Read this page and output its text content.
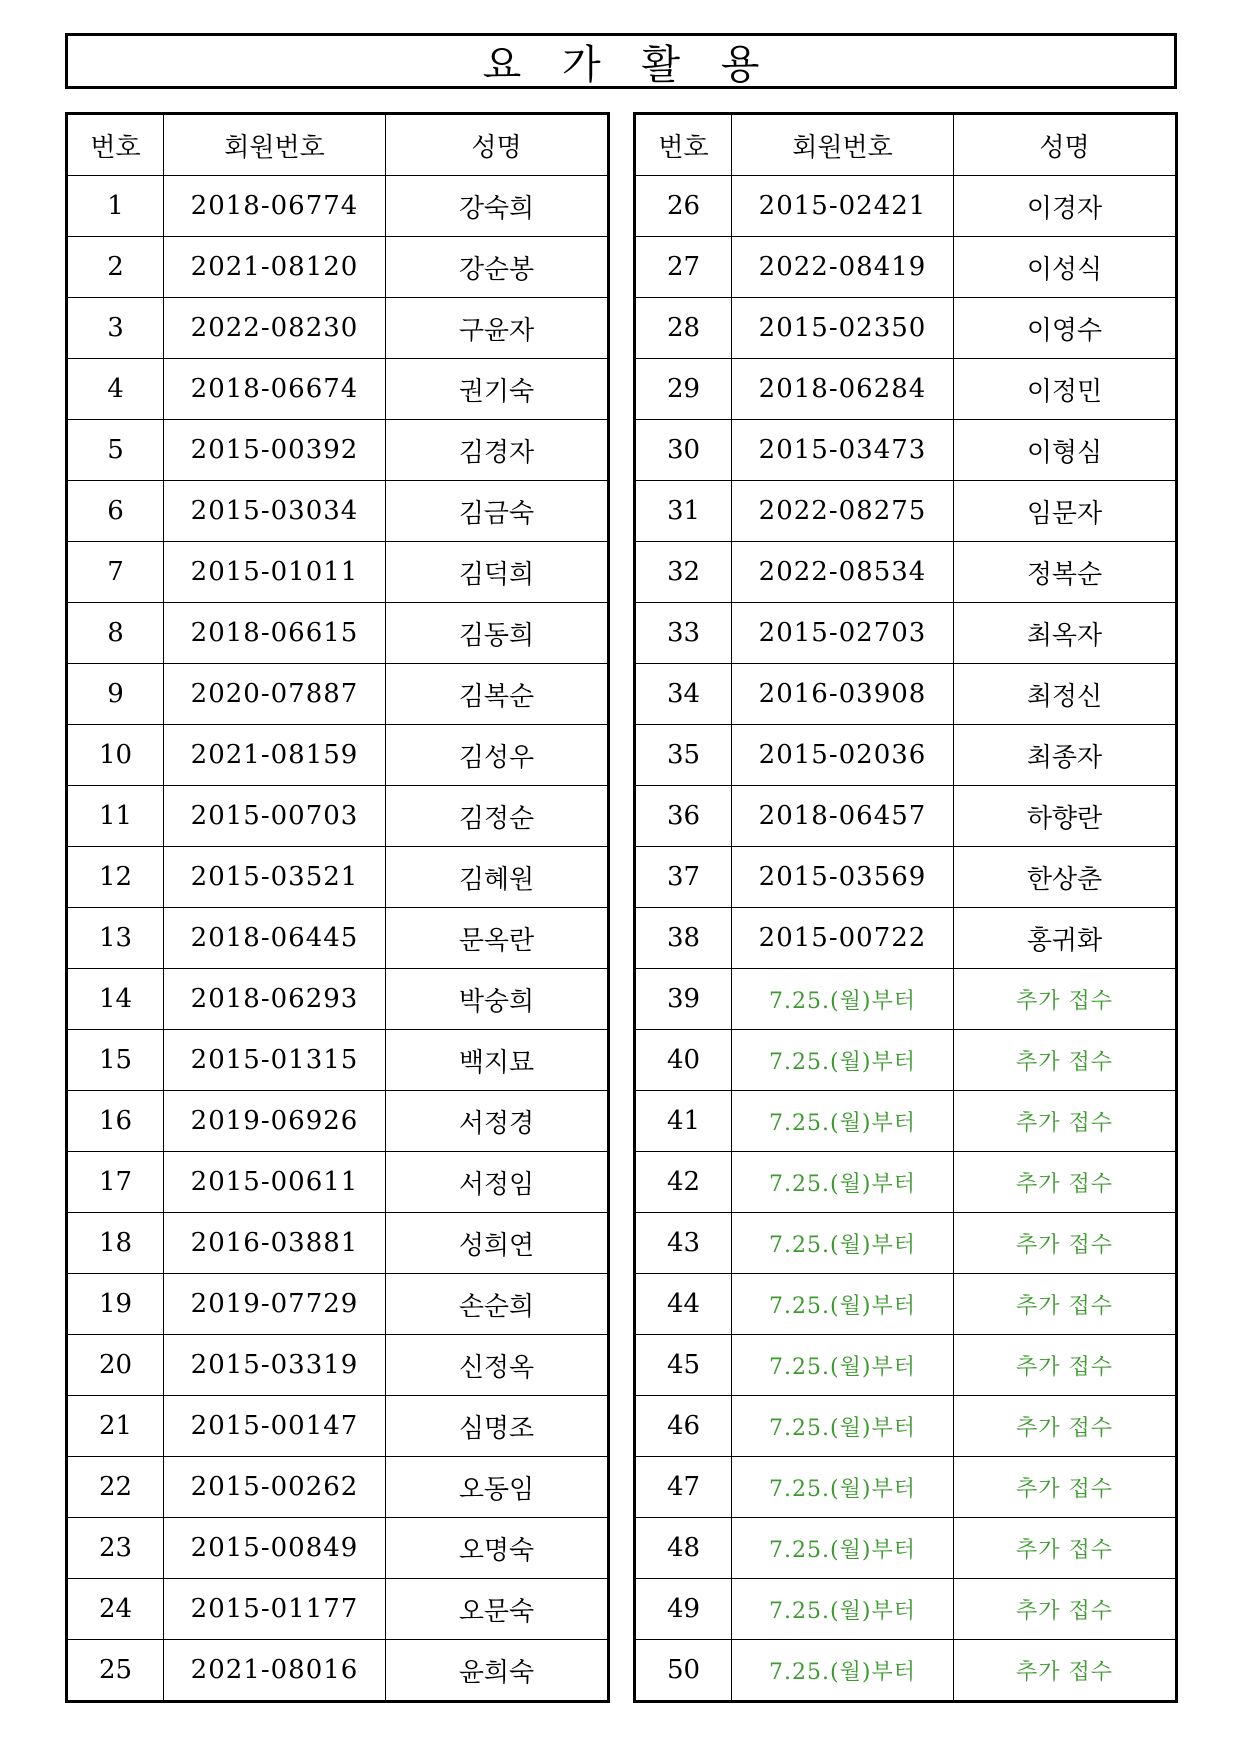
요 가 활 용
번호	회원번호	성명
1	2018-06774	강숙희
2	2021-08120	강순봉
3	2022-08230	구윤자
4	2018-06674	권기숙
5	2015-00392	김경자
6	2015-03034	김금숙
7	2015-01011	김덕희
8	2018-06615	김동희
9	2020-07887	김복순
10	2021-08159	김성우
11	2015-00703	김정순
12	2015-03521	김혜원
13	2018-06445	문옥란
14	2018-06293	박숭희
15	2015-01315	백지묘
16	2019-06926	서정경
17	2015-00611	서정임
18	2016-03881	성희연
19	2019-07729	손순희
20	2015-03319	신정옥
21	2015-00147	심명조
22	2015-00262	오동임
23	2015-00849	오명숙
24	2015-01177	오문숙
25	2021-08016	윤희숙
번호	회원번호	성명
26	2015-02421	이경자
27	2022-08419	이성식
28	2015-02350	이영수
29	2018-06284	이정민
30	2015-03473	이형심
31	2022-08275	임문자
32	2022-08534	정복순
33	2015-02703	최옥자
34	2016-03908	최정신
35	2015-02036	최종자
36	2018-06457	하향란
37	2015-03569	한상춘
38	2015-00722	홍귀화
39	7.25.(월)부터	추가 접수
40	7.25.(월)부터	추가 접수
41	7.25.(월)부터	추가 접수
42	7.25.(월)부터	추가 접수
43	7.25.(월)부터	추가 접수
44	7.25.(월)부터	추가 접수
45	7.25.(월)부터	추가 접수
46	7.25.(월)부터	추가 접수
47	7.25.(월)부터	추가 접수
48	7.25.(월)부터	추가 접수
49	7.25.(월)부터	추가 접수
50	7.25.(월)부터	추가 접수
